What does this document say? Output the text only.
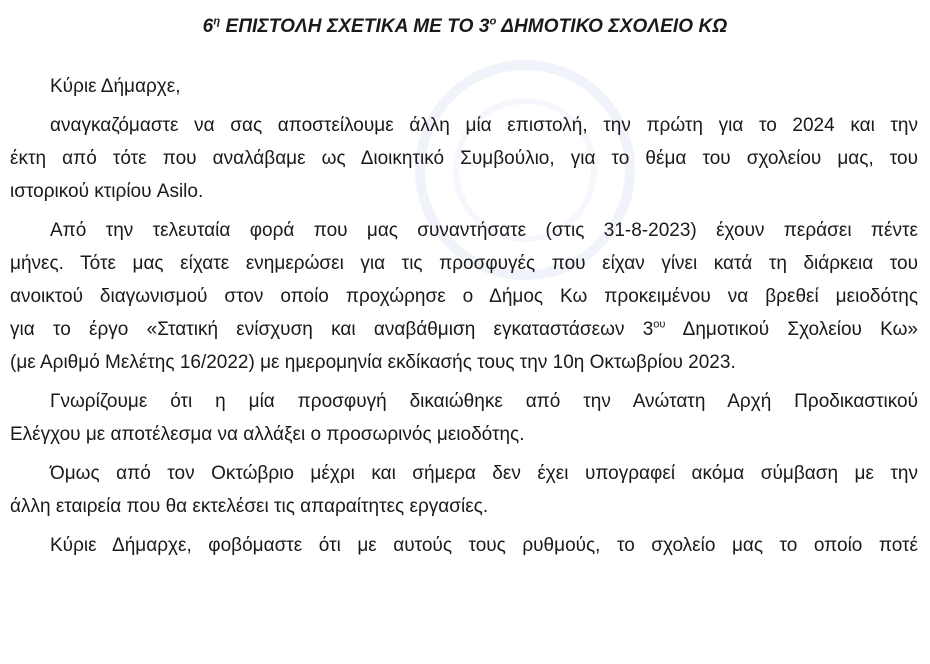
$6^\eta$ ΕΠΙΣΤΟΛΗ ΣΧΕΤΙΚΑ ΜΕ ΤΟ $3^o$ ΔΗΜΟΤΙΚΟ ΣΧΟΛΕΙΟ ΚΩ
Κύριε Δήμαρχε,
αναγκαζόμαστε να σας αποστείλουμε άλλη μία επιστολή, την πρώτη για το 2024 και την
έκτη από τότε που αναλάβαμε ως Διοικητικό Συμβούλιο, για το θέμα του σχολείου μας, του
ιστορικού κτιρίου Asilo.
Από την τελευταία φορά που μας συναντήσατε (στις 31-8-2023) έχουν περάσει πέντε
μήνες. Τότε μας είχατε ενημερώσει για τις προσφυγές που είχαν γίνει κατά τη διάρκεια του
ανοικτού διαγωνισμού στον οποίο προχώρησε ο Δήμος Κω προκειμένου να βρεθεί μειοδότης
για το έργο «Στατική ενίσχυση και αναβάθμιση εγκαταστάσεων $3^{o\upsilon}$ Δημοτικού Σχολείου Κω»
(με Αριθμό Μελέτης 16/2022) με ημερομηνία εκδίκασής τους την 10η Οκτωβρίου 2023.
Γνωρίζουμε ότι η μία προσφυγή δικαιώθηκε από την Ανώτατη Αρχή Προδικαστικού
Ελέγχου με αποτέλεσμα να αλλάξει ο προσωρινός μειοδότης.
Όμως από τον Οκτώβριο μέχρι και σήμερα δεν έχει υπογραφεί ακόμα σύμβαση με την
άλλη εταιρεία που θα εκτελέσει τις απαραίτητες εργασίες.
Κύριε Δήμαρχε, φοβόμαστε ότι με αυτούς τους ρυθμούς, το σχολείο μας το οποίο ποτέ
